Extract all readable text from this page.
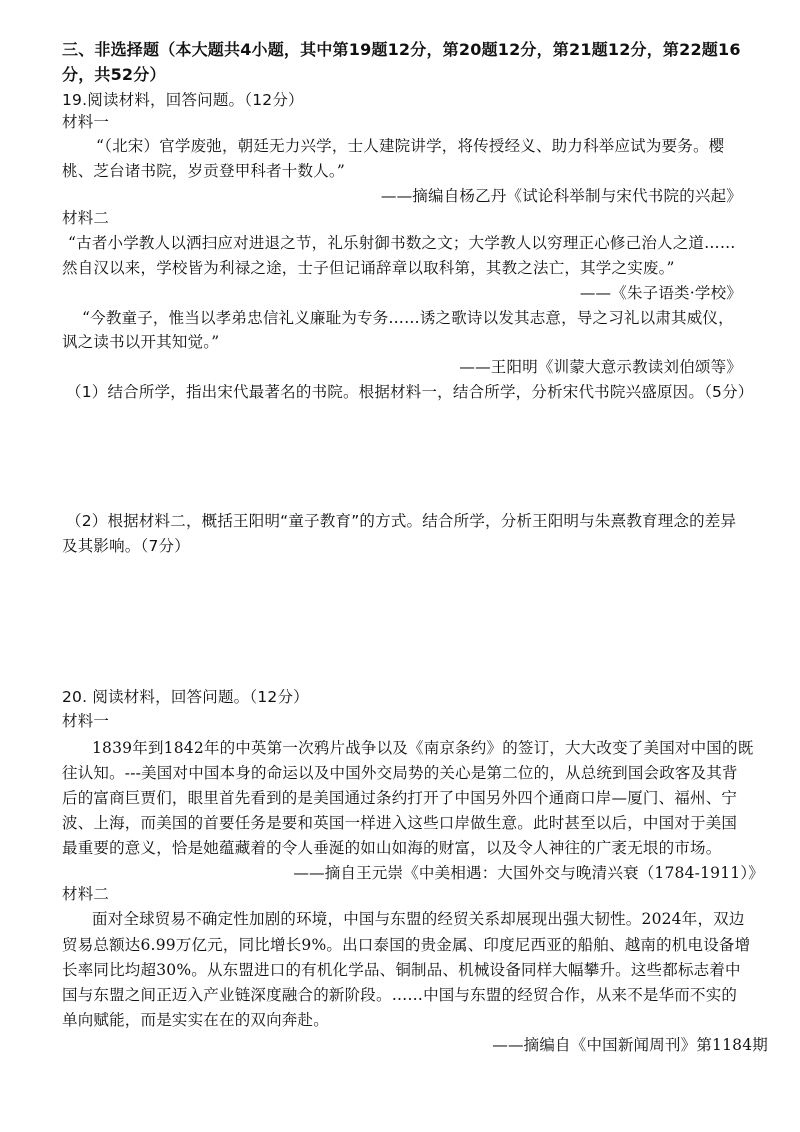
三、非选择题（本大题共4小题，其中第19题12分，第20题12分，第21题12分，第22题16
分，共52分）
19.阅读材料，回答问题。（12分）
材料一
“（北宋）官学废弛，朝廷无力兴学，士人建院讲学，将传授经义、助力科举应试为要务。樱
桃、芝台诸书院，岁贡登甲科者十数人。”
——摘编自杨乙丹《试论科举制与宋代书院的兴起》
材料二
“古者小学教人以洒扫应对进退之节，礼乐射御书数之文；大学教人以穷理正心修己治人之道……
然自汉以来，学校皆为利禄之途，士子但记诵辞章以取科第，其教之法亡，其学之实废。”
——《朱子语类·学校》
“今教童子，惟当以孝弟忠信礼义廉耻为专务……诱之歌诗以发其志意，导之习礼以肃其威仪，
讽之读书以开其知觉。”
——王阳明《训蒙大意示教读刘伯颂等》
（1）结合所学，指出宋代最著名的书院。根据材料一，结合所学，分析宋代书院兴盛原因。（5分）
（2）根据材料二，概括王阳明“童子教育”的方式。结合所学，分析王阳明与朱熹教育理念的差异
及其影响。（7分）
20. 阅读材料，回答问题。（12分）
材料一
1839年到1842年的中英第一次鸦片战争以及《南京条约》的签订，大大改变了美国对中国的既
往认知。---美国对中国本身的命运以及中国外交局势的关心是第二位的，从总统到国会政客及其背
后的富商巨贾们，眼里首先看到的是美国通过条约打开了中国另外四个通商口岸—厦门、福州、宁
波、上海，而美国的首要任务是要和英国一样进入这些口岸做生意。此时甚至以后，中国对于美国
最重要的意义，恰是她蕴藏着的令人垂涎的如山如海的财富，以及令人神往的广袤无垠的市场。
——摘自王元崇《中美相遇：大国外交与晚清兴衰（1784-1911）》
材料二
面对全球贸易不确定性加剧的环境，中国与东盟的经贸关系却展现出强大韧性。2024年，双边
贸易总额达6.99万亿元，同比增长9%。出口泰国的贵金属、印度尼西亚的船舶、越南的机电设备增
长率同比均超30%。从东盟进口的有机化学品、铜制品、机械设备同样大幅攀升。这些都标志着中
国与东盟之间正迈入产业链深度融合的新阶段。……中国与东盟的经贸合作，从来不是华而不实的
单向赋能，而是实实在在的双向奔赴。
——摘编自《中国新闻周刊》第1184期
